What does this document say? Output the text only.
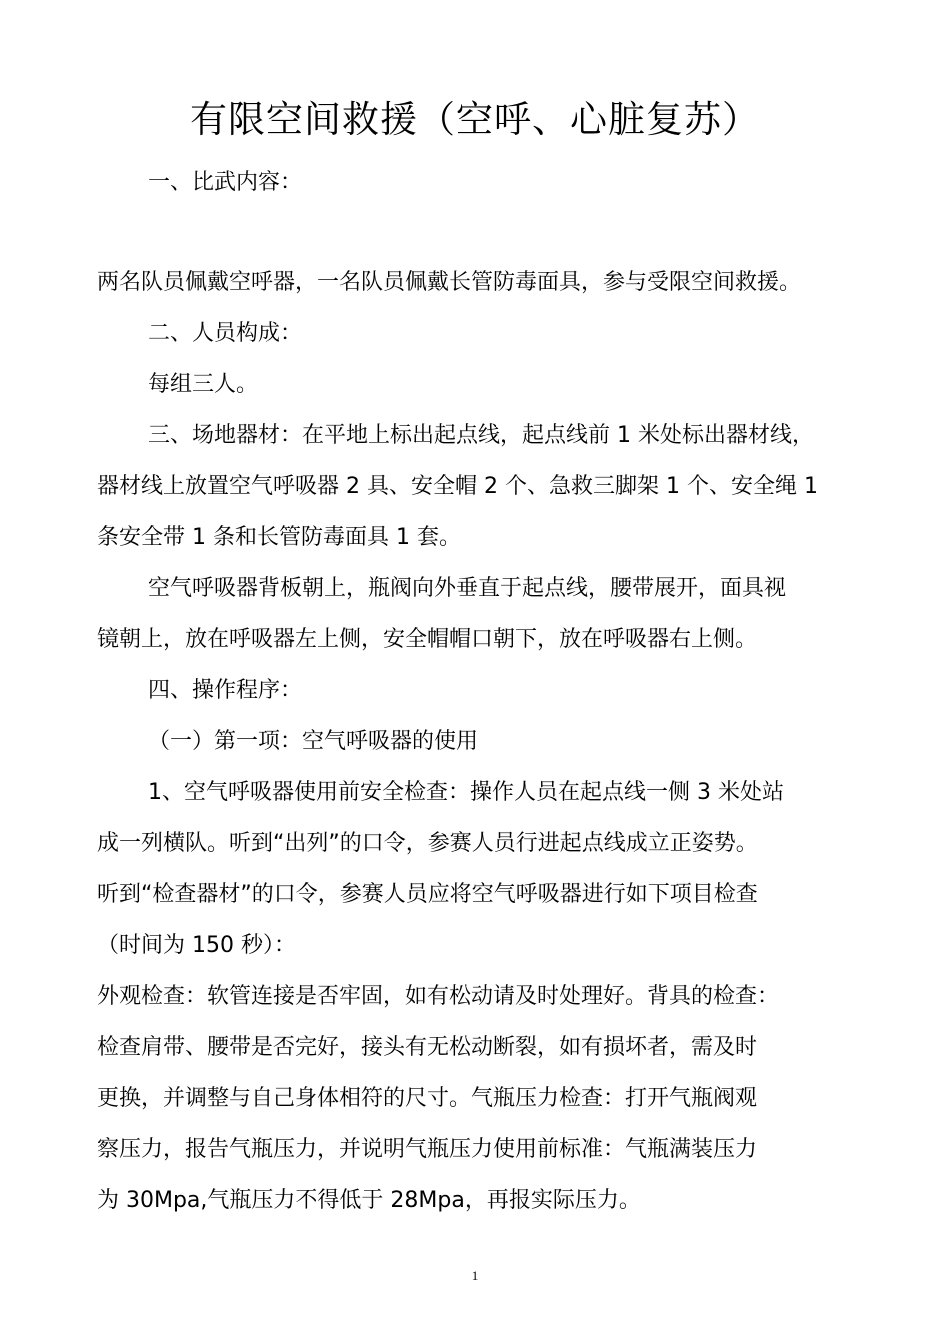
有限空间救援（空呼、心脏复苏）
一、比武内容：
两名队员佩戴空呼器，一名队员佩戴长管防毒面具，参与受限空间救援。
二、人员构成：
每组三人。
三、场地器材：在平地上标出起点线，起点线前 1 米处标出器材线，
器材线上放置空气呼吸器 2 具、安全帽 2 个、急救三脚架 1 个、安全绳 1
条安全带 1 条和长管防毒面具 1 套。
空气呼吸器背板朝上，瓶阀向外垂直于起点线，腰带展开，面具视
镜朝上，放在呼吸器左上侧，安全帽帽口朝下，放在呼吸器右上侧。
四、操作程序：
（一）第一项：空气呼吸器的使用
1、空气呼吸器使用前安全检查：操作人员在起点线一侧 3 米处站
成一列横队。听到“出列”的口令，参赛人员行进起点线成立正姿势。
听到“检查器材”的口令，参赛人员应将空气呼吸器进行如下项目检查
（时间为 150 秒）：
外观检查：软管连接是否牢固，如有松动请及时处理好。背具的检查：
检查肩带、腰带是否完好，接头有无松动断裂，如有损坏者，需及时
更换，并调整与自己身体相符的尺寸。气瓶压力检查：打开气瓶阀观
察压力，报告气瓶压力，并说明气瓶压力使用前标准：气瓶满装压力
为 30Mpa,气瓶压力不得低于 28Mpa，再报实际压力。
1
